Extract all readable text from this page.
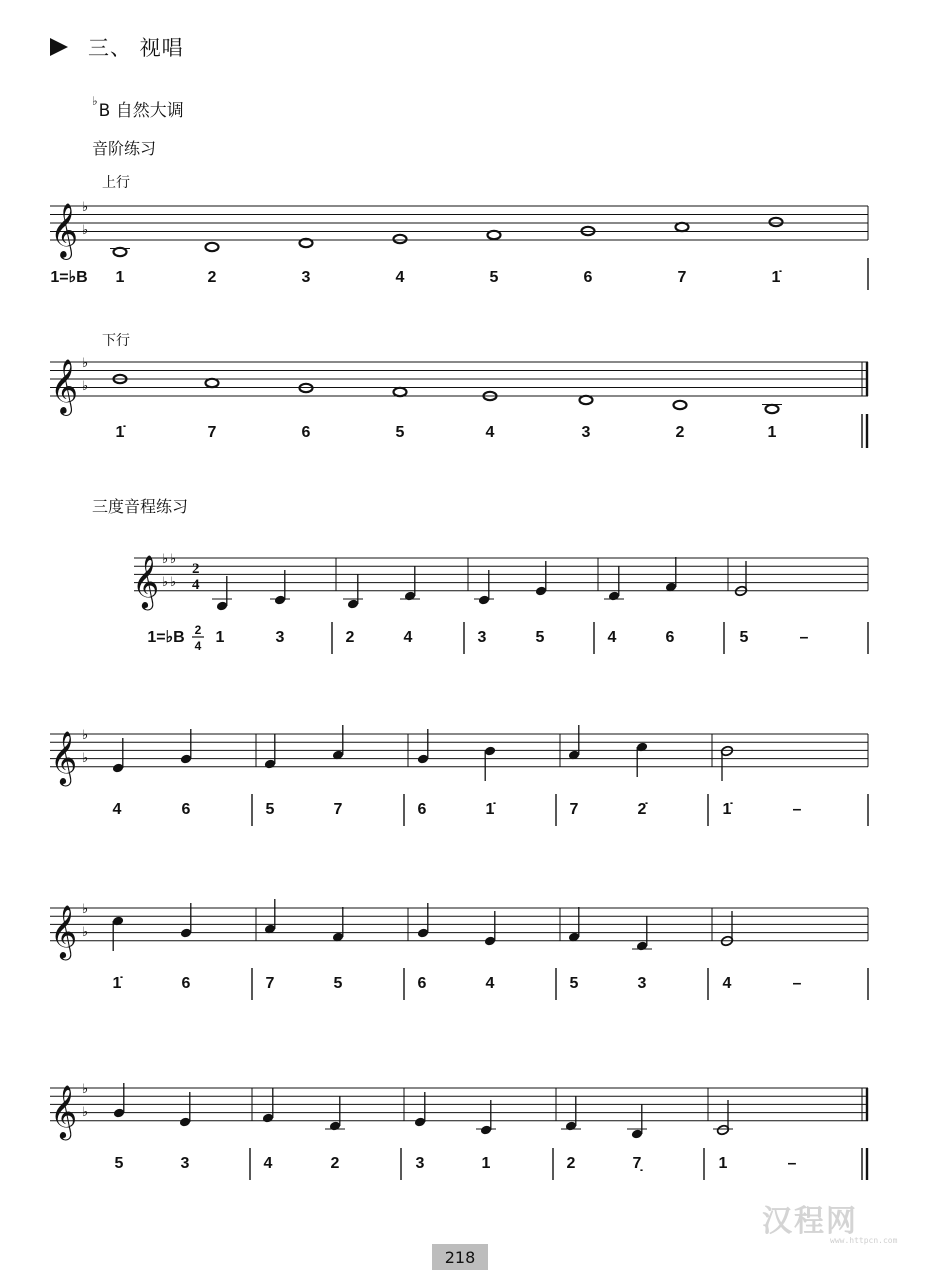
三、 视唱
♭B 自然大调
音阶练习
上行
下行
三度音程练习
𝄞 ♭
♭
1=♭B 1	2	3	4	5	6	7	1̇
𝄞 ♭
♭
1̇	7	6	5	4	3	2	1
𝄞 ♭
♭
♭
♭
2
4
1=♭B 2
4 1	3	2	4	3	5	4	6	5	–
𝄞 ♭
♭
4	6	5	7	6	1̇	7	2̇	1̇	–
𝄞 ♭
♭
1̇	6	7	5	6	4	5	3	4	–
𝄞 ♭
♭
5	3	4	2	3	1	2	7̣	1	–
218
汉程网
www.httpcn.com
